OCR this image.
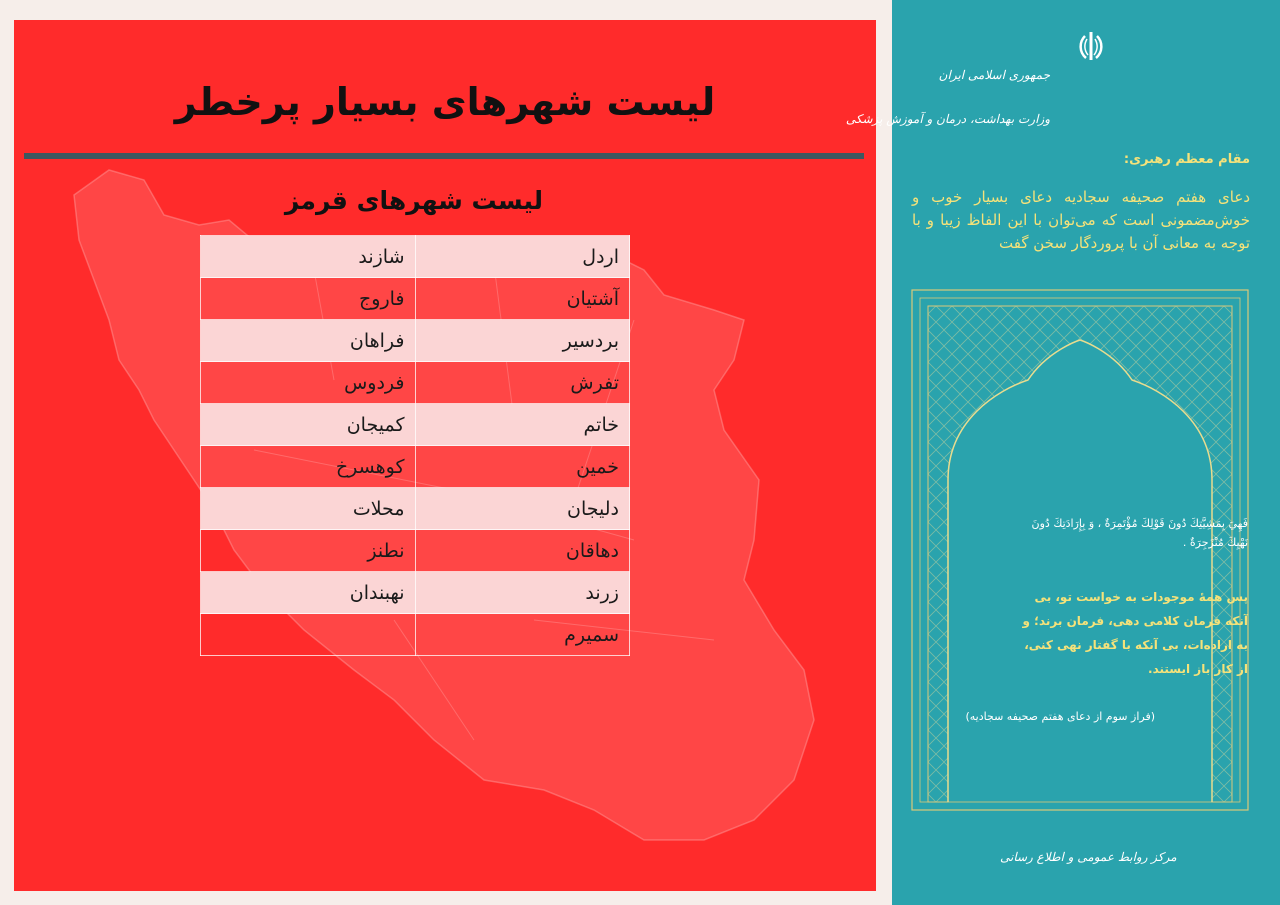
لیست شهرهای بسیار پرخطر
لیست شهرهای قرمز
اردل	شازند
آشتیان	فاروج
بردسیر	فراهان
تفرش	فردوس
خاتم	کمیجان
خمین	کوهسرخ
دلیجان	محلات
دهاقان	نطنز
زرند	نهبندان
سمیرم	
جمهوری اسلامی ایران
وزارت بهداشت، درمان و آموزش پزشکی
مقام معظم رهبری:
دعای هفتم صحیفه سجادیه دعای بسیار خوب و خوش‌مضمونی است که می‌توان با این الفاظ زیبا و با توجه به معانی آن با پروردگار سخن گفت
فَهِيَ بِمَشِيَّتِكَ دُونَ قَوْلِكَ مُؤْتَمِرَةٌ ، وَ بِإِرَادَتِكَ دُونَ نَهْيِكَ مُنْزَجِرَةٌ .
پس همهٔ موجودات به خواست تو، بی آنکه فرمان کلامی دهی، فرمان برند؛ و به اراده‌ات، بی آنکه با گفتار نهی کنی، از کار باز ایستند.
(فراز سوم از دعای هفتم صحیفه سجادیه)
مرکز روابط عمومی و اطلاع رسانی
